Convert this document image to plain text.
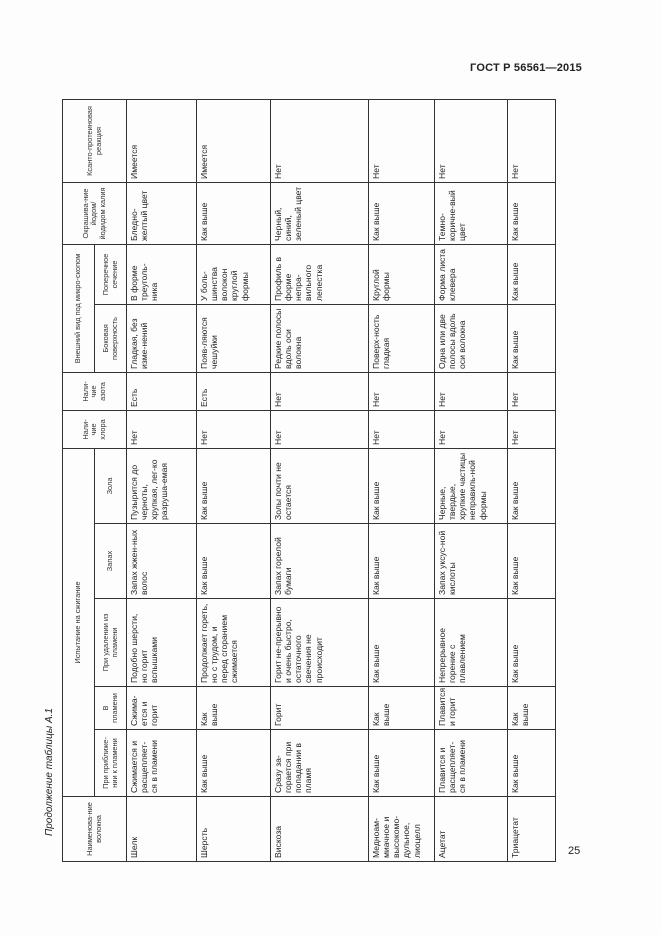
ГОСТ Р 56561—2015
Продолжение таблицы А.1
25
Наименова-ние волокна	Испытание на сжигание					Нали-чие хлора	Нали-чие азота	Внешний вид под микро-скопом		Окрашива-ние йодом/ йодидом калия	Ксанто-протеиновая реакция
	При приближе-нии к пламени	В пламени	При удалении из пламени	Запах	Зола			Боковая поверхность	Поперечное сечение		
Шелк	Сжимается и расщепляет-ся в пламени	Сжима-ется и горит	Подобно шерсти, но горит вспышками	Запах жжен-ных волос	Пузырится до черноты, хрупкая, лег-ко разруша-емая	Нет	Есть	Гладкая, без изме-нений	В форме треуголь-ника	Бледно-желтый цвет	Имеется
Шерсть	Как выше	Как выше	Продолжает гореть, но с трудом, и перед сгоранием сжимается	Как выше	Как выше	Нет	Есть	Появ-ляются чешуйки	У боль-шинства волокон круглой формы	Как выше	Имеется
Вискоза	Сразу за-горается при попадании в пламя	Горит	Горит не-прерывно и очень быстро, остаточного свечения не происходит	Запах горелой бумаги	Золы почти не остается	Нет	Нет	Редкие полосы вдоль оси волокна	Профиль в форме непра-вильного лепестка	Черный, синий, зеленый цвет	Нет
Медноам-миачное и высокомо-дульное, лиоцелл	Как выше	Как выше	Как выше	Как выше	Как выше	Нет	Нет	Поверх-ность гладкая	Круглой формы	Как выше	Нет
Ацетат	Плавится и расщепляет-ся в пламени	Плавится и горит	Непрерывное горение с плавлением	Запах уксус-ной кислоты	Черные, твердые, хрупкие частицы неправиль-ной формы	Нет	Нет	Одна или две полосы вдоль оси волокна	Форма листа клевера	Темно-коричне-вый цвет	Нет
Триацетат	Как выше	Как выше	Как выше	Как выше	Как выше	Нет	Нет	Как выше	Как выше	Как выше	Нет
